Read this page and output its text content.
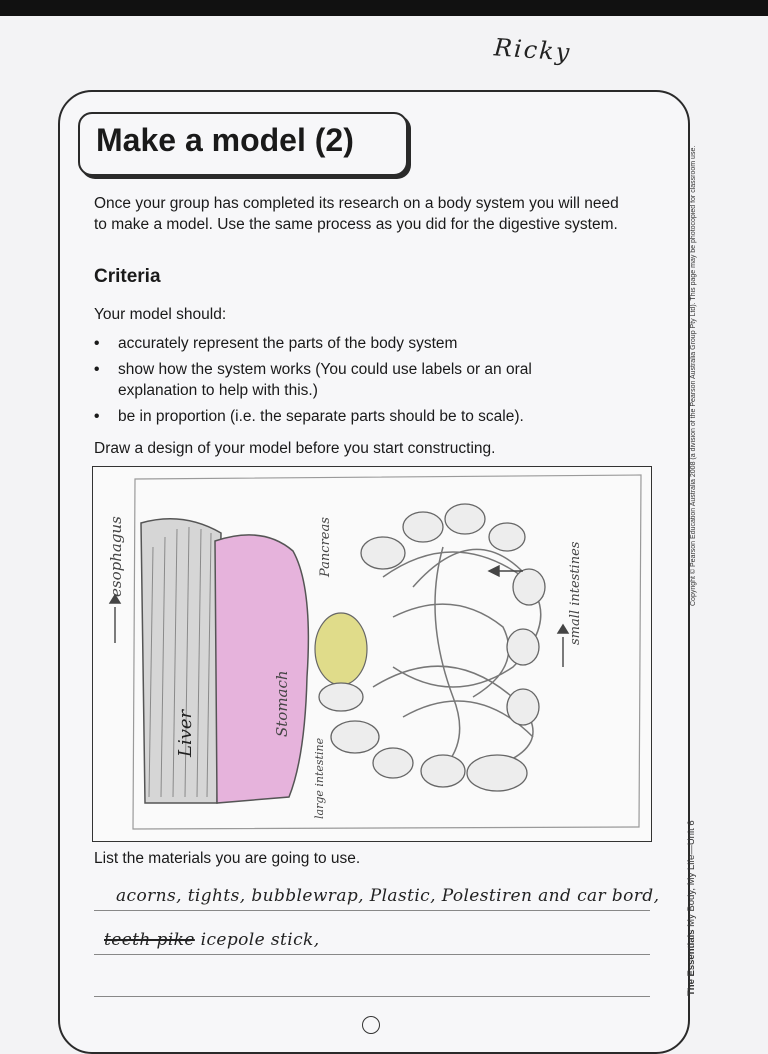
Ricky
Make a model (2)

Once your group has completed its research on a body system you will need to make a model. Use the same process as you did for the digestive system.

Criteria

Your model should:

• accurately represent the parts of the body system
• show how the system works (You could use labels or an oral explanation to help with this.)
• be in proportion (i.e. the separate parts should be to scale).

Draw a design of your model before you start constructing.

esophagus	Pancreas
Stomach
Liver
large intestine
small intestines

List the materials you are going to use.

acorns, tights, bubblewrap, Plastic, Polestiren and car bord,
teeth pike icepole stick,
Copyright © Pearson Education Australia 2008 (a division of the Pearson Australia Group Pty Ltd). This page may be photocopied for classroom use.
The Essentials My Body, My Life—Unit 6
